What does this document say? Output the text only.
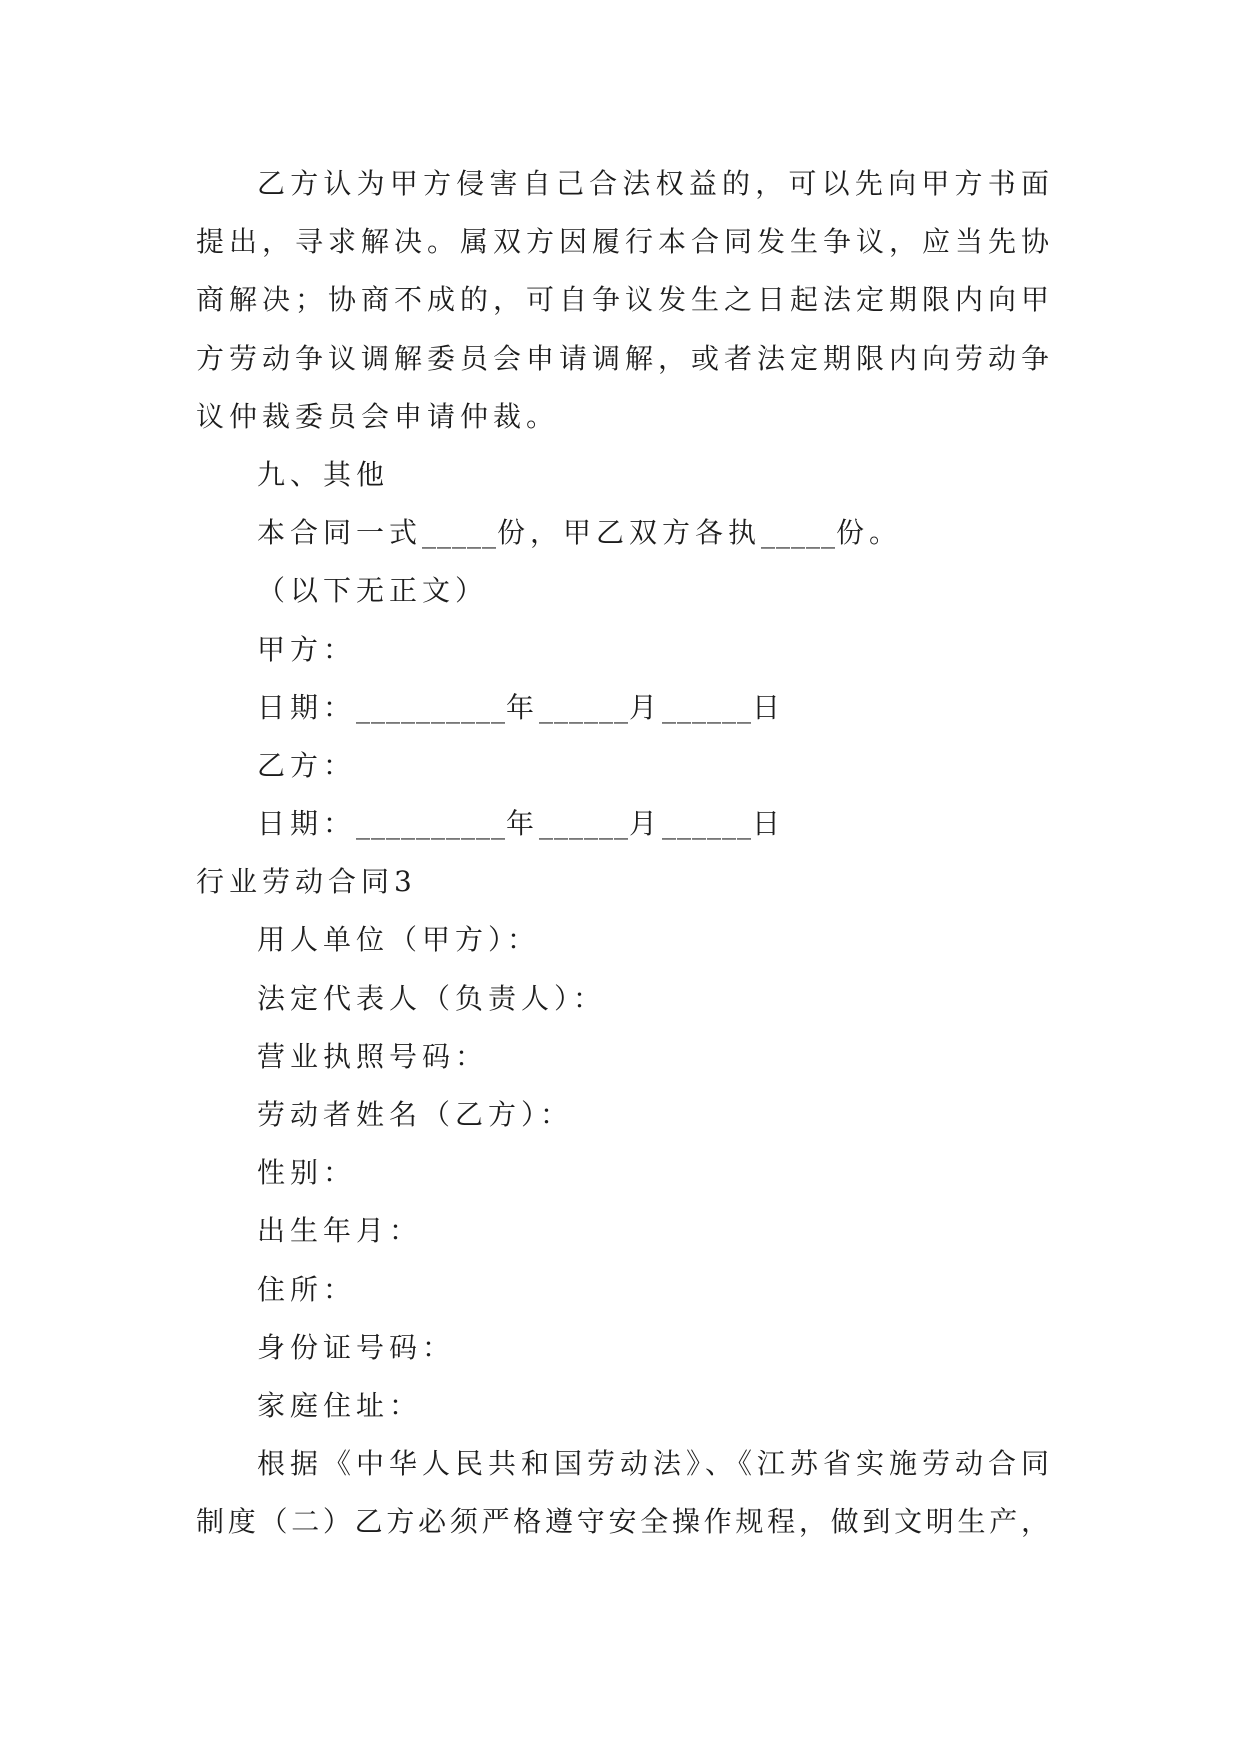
乙方认为甲方侵害自己合法权益的，可以先向甲方书面
提出，寻求解决。属双方因履行本合同发生争议，应当先协
商解决；协商不成的，可自争议发生之日起法定期限内向甲
方劳动争议调解委员会申请调解，或者法定期限内向劳动争
议仲裁委员会申请仲裁。
九、其他
本合同一式_____份，甲乙双方各执_____份。
（以下无正文）
甲方：
日期：__________年______月______日
乙方：
日期：__________年______月______日
行业劳动合同3
用人单位（甲方）：
法定代表人（负责人）：
营业执照号码：
劳动者姓名（乙方）：
性别：
出生年月：
住所：
身份证号码：
家庭住址：
根据《中华人民共和国劳动法》、《江苏省实施劳动合同
制度（二）乙方必须严格遵守安全操作规程，做到文明生产，
